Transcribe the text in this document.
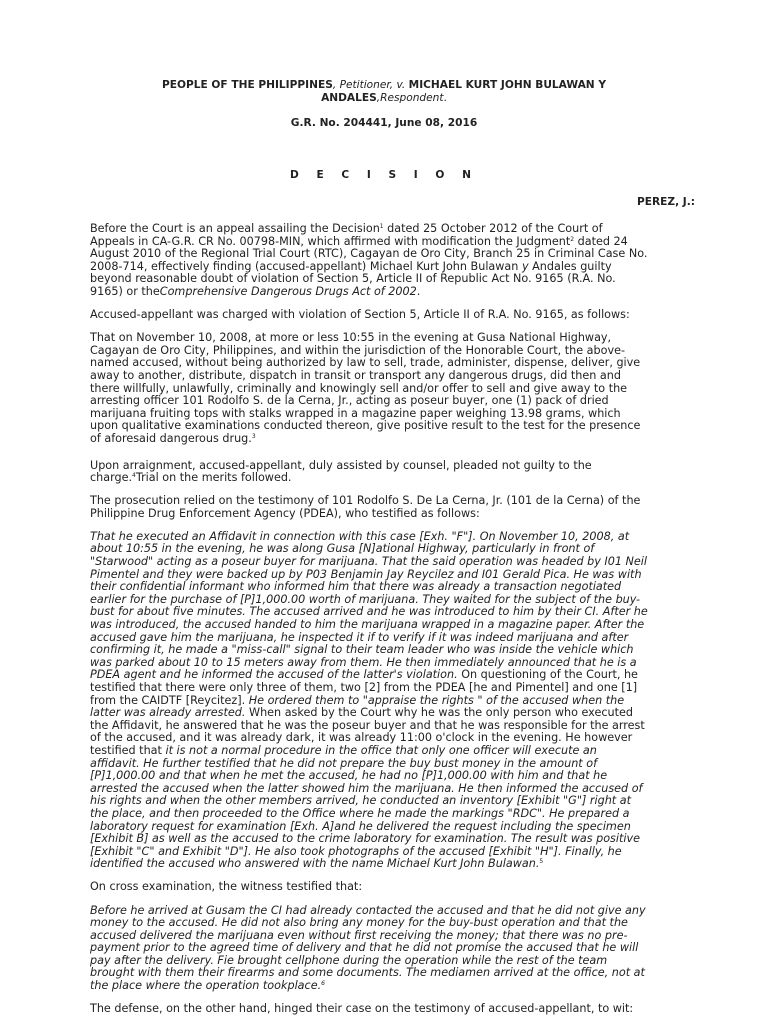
PEOPLE OF THE PHILIPPINES, Petitioner, v. MICHAEL KURT JOHN BULAWAN Y ANDALES,Respondent.
G.R. No. 204441, June 08, 2016
D E C I S I O N
PEREZ, J.:

Before the Court is an appeal assailing the Decision$^1$ dated 25 October 2012 of the Court of Appeals in CA-G.R. CR No. 00798-MIN, which affirmed with modification the Judgment$^2$ dated 24 August 2010 of the Regional Trial Court (RTC), Cagayan de Oro City, Branch 25 in Criminal Case No. 2008-714, effectively finding (accused-appellant) Michael Kurt John Bulawan y Andales guilty beyond reasonable doubt of violation of Section 5, Article II of Republic Act No. 9165 (R.A. No. 9165) or theComprehensive Dangerous Drugs Act of 2002.

Accused-appellant was charged with violation of Section 5, Article II of R.A. No. 9165, as follows:

That on November 10, 2008, at more or less 10:55 in the evening at Gusa National Highway, Cagayan de Oro City, Philippines, and within the jurisdiction of the Honorable Court, the above-named accused, without being authorized by law to sell, trade, administer, dispense, deliver, give away to another, distribute, dispatch in transit or transport any dangerous drugs, did then and there willfully, unlawfully, criminally and knowingly sell and/or offer to sell and give away to the arresting officer 101 Rodolfo S. de la Cerna, Jr., acting as poseur buyer, one (1) pack of dried marijuana fruiting tops with stalks wrapped in a magazine paper weighing 13.98 grams, which upon qualitative examinations conducted thereon, give positive result to the test for the presence of aforesaid dangerous drug.$^3$

Upon arraignment, accused-appellant, duly assisted by counsel, pleaded not guilty to the charge.$^4$Trial on the merits followed.

The prosecution relied on the testimony of 101 Rodolfo S. De La Cerna, Jr. (101 de la Cerna) of the Philippine Drug Enforcement Agency (PDEA), who testified as follows:

That he executed an Affidavit in connection with this case [Exh. "F"]. On November 10, 2008, at about 10:55 in the evening, he was along Gusa [N]ational Highway, particularly in front of "Starwood" acting as a poseur buyer for marijuana. That the said operation was headed by I01 Neil Pimentel and they were backed up by P03 Benjamin Jay Reycilez and I01 Gerald Pica. He was with their confidential informant who informed him that there was already a transaction negotiated earlier for the purchase of [P]1,000.00 worth of marijuana. They waited for the subject of the buy-bust for about five minutes. The accused arrived and he was introduced to him by their CI. After he was introduced, the accused handed to him the marijuana wrapped in a magazine paper. After the accused gave him the marijuana, he inspected it if to verify if it was indeed marijuana and after confirming it, he made a "miss-call" signal to their team leader who was inside the vehicle which was parked about 10 to 15 meters away from them. He then immediately announced that he is a PDEA agent and he informed the accused of the latter's violation. On questioning of the Court, he testified that there were only three of them, two [2] from the PDEA [he and Pimentel] and one [1] from the CAIDTF [Reycitez]. He ordered them to "appraise the rights " of the accused when the latter was already arrested. When asked by the Court why he was the only person who executed the Affidavit, he answered that he was the poseur buyer and that he was responsible for the arrest of the accused, and it was already dark, it was already 11:00 o'clock in the evening. He however testified that it is not a normal procedure in the office that only one officer will execute an affidavit. He further testified that he did not prepare the buy bust money in the amount of [P]1,000.00 and that when he met the accused, he had no [P]1,000.00 with him and that he arrested the accused when the latter showed him the marijuana. He then informed the accused of his rights and when the other members arrived, he conducted an inventory [Exhibit "G"] right at the place, and then proceeded to the Office where he made the markings "RDC". He prepared a laboratory request for examination [Exh. A]and he delivered the request including the specimen [Exhibit B] as well as the accused to the crime laboratory for examination. The result was positive [Exhibit "C" and Exhibit "D"]. He also took photographs of the accused [Exhibit "H"]. Finally, he identified the accused who answered with the name Michael Kurt John Bulawan.$^5$

On cross examination, the witness testified that:

Before he arrived at Gusam the CI had already contacted the accused and that he did not give any money to the accused. He did not also bring any money for the buy-bust operation and that the accused delivered the marijuana even without first receiving the money; that there was no pre-payment prior to the agreed time of delivery and that he did not promise the accused that he will pay after the delivery. Fie brought cellphone during the operation while the rest of the team brought with them their firearms and some documents. The mediamen arrived at the office, not at the place where the operation tookplace.$^6$

The defense, on the other hand, hinged their case on the testimony of accused-appellant, to wit:
